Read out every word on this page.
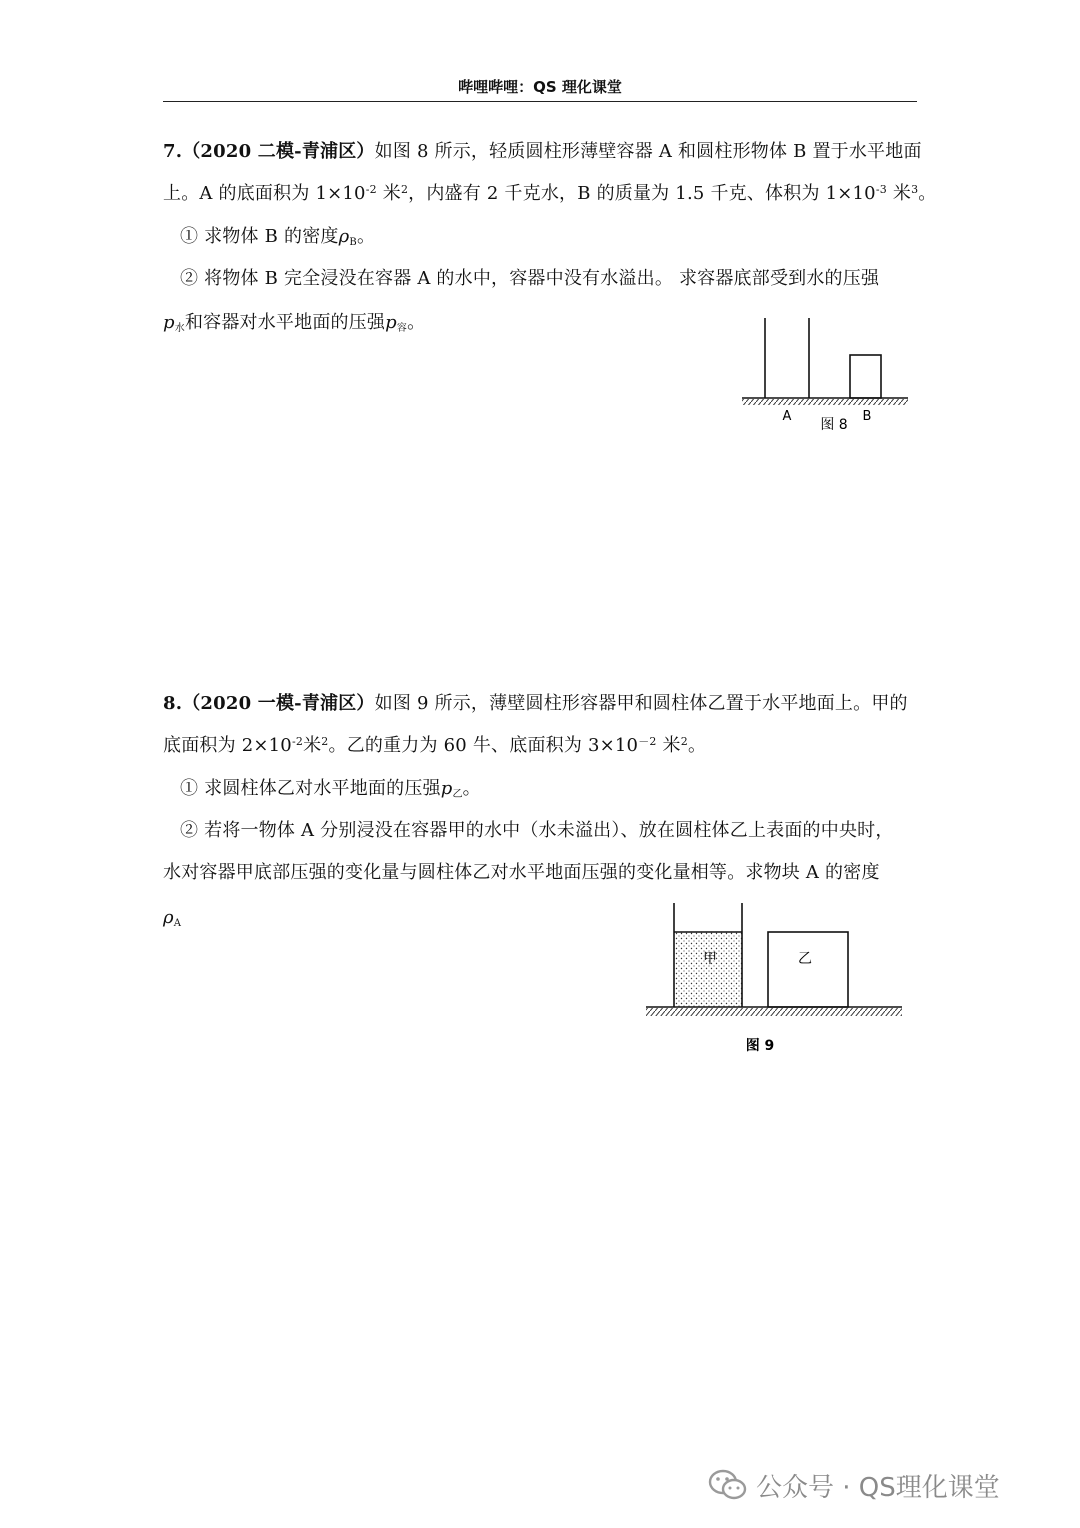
哔哩哔哩：QS 理化课堂
7.（2020 二模-青浦区）如图 8 所示，轻质圆柱形薄壁容器 A 和圆柱形物体 B 置于水平地面
上。A 的底面积为 $1\times 10^{-2}$ 米$^2$，内盛有 2 千克水，B 的质量为 1.5 千克、体积为 $1\times 10^{-3}$ 米$^3$。
① 求物体 B 的密度$\rho_B$。
② 将物体 B 完全浸没在容器 A 的水中，容器中没有水溢出。 求容器底部受到水的压强
$p_水$和容器对水平地面的压强$p_容$。
A	B
图 8
8.（2020 一模-青浦区）如图 9 所示，薄壁圆柱形容器甲和圆柱体乙置于水平地面上。甲的
底面积为 $2\times 10^{-2}$米$^2$。乙的重力为 60 牛、底面积为 $3\times 10^{-2}$ 米$^2$。
① 求圆柱体乙对水平地面的压强$p_乙$。
② 若将一物体 A 分别浸没在容器甲的水中（水未溢出）、放在圆柱体乙上表面的中央时，
水对容器甲底部压强的变化量与圆柱体乙对水平地面压强的变化量相等。求物块 A 的密度
$\rho_A$
甲	乙
图 9
公众号 · QS理化课堂
